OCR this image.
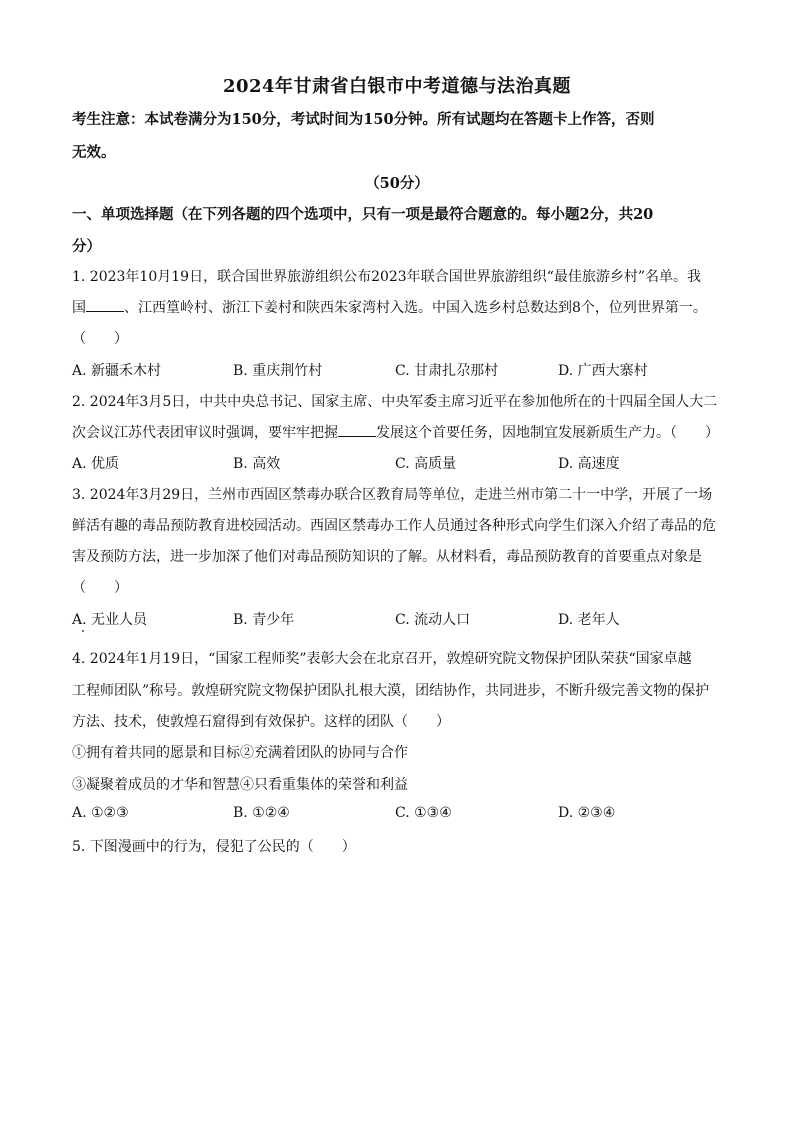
2024年甘肃省白银市中考道德与法治真题
考生注意：本试卷满分为150分，考试时间为150分钟。所有试题均在答题卡上作答，否则
无效。
（50分）
一、单项选择题（在下列各题的四个选项中，只有一项是最符合题意的。每小题2分，共20
分）
1. 2023年10月19日，联合国世界旅游组织公布2023年联合国世界旅游组织“最佳旅游乡村”名单。我
国	、江西篁岭村、浙江下姜村和陕西朱家湾村入选。中国入选乡村总数达到8个，位列世界第一。
（　　）
A. 新疆禾木村	B. 重庆荆竹村	C. 甘肃扎尕那村	D. 广西大寨村
2. 2024年3月5日，中共中央总书记、国家主席、中央军委主席习近平在参加他所在的十四届全国人大二
次会议江苏代表团审议时强调，要牢牢把握	发展这个首要任务，因地制宜发展新质生产力。（　　）
A. 优质	B. 高效	C. 高质量	D. 高速度
3. 2024年3月29日，兰州市西固区禁毒办联合区教育局等单位，走进兰州市第二十一中学，开展了一场
鲜活有趣的毒品预防教育进校园活动。西固区禁毒办工作人员通过各种形式向学生们深入介绍了毒品的危
害及预防方法，进一步加深了他们对毒品预防知识的了解。从材料看，毒品预防教育的首要重点对象是
（　　）
A. 无业人员	B. 青少年	C. 流动人口	D. 老年人
4. 2024年1月19日，“国家工程师奖”表彰大会在北京召开，敦煌研究院文物保护团队荣获“国家卓越
工程师团队”称号。敦煌研究院文物保护团队扎根大漠，团结协作，共同进步，不断升级完善文物的保护
方法、技术，使敦煌石窟得到有效保护。这样的团队（　　）
①拥有着共同的愿景和目标②充满着团队的协同与合作
③凝聚着成员的才华和智慧④只看重集体的荣誉和利益
A. ①②③	B. ①②④	C. ①③④	D. ②③④
5. 下图漫画中的行为，侵犯了公民的（　　）
